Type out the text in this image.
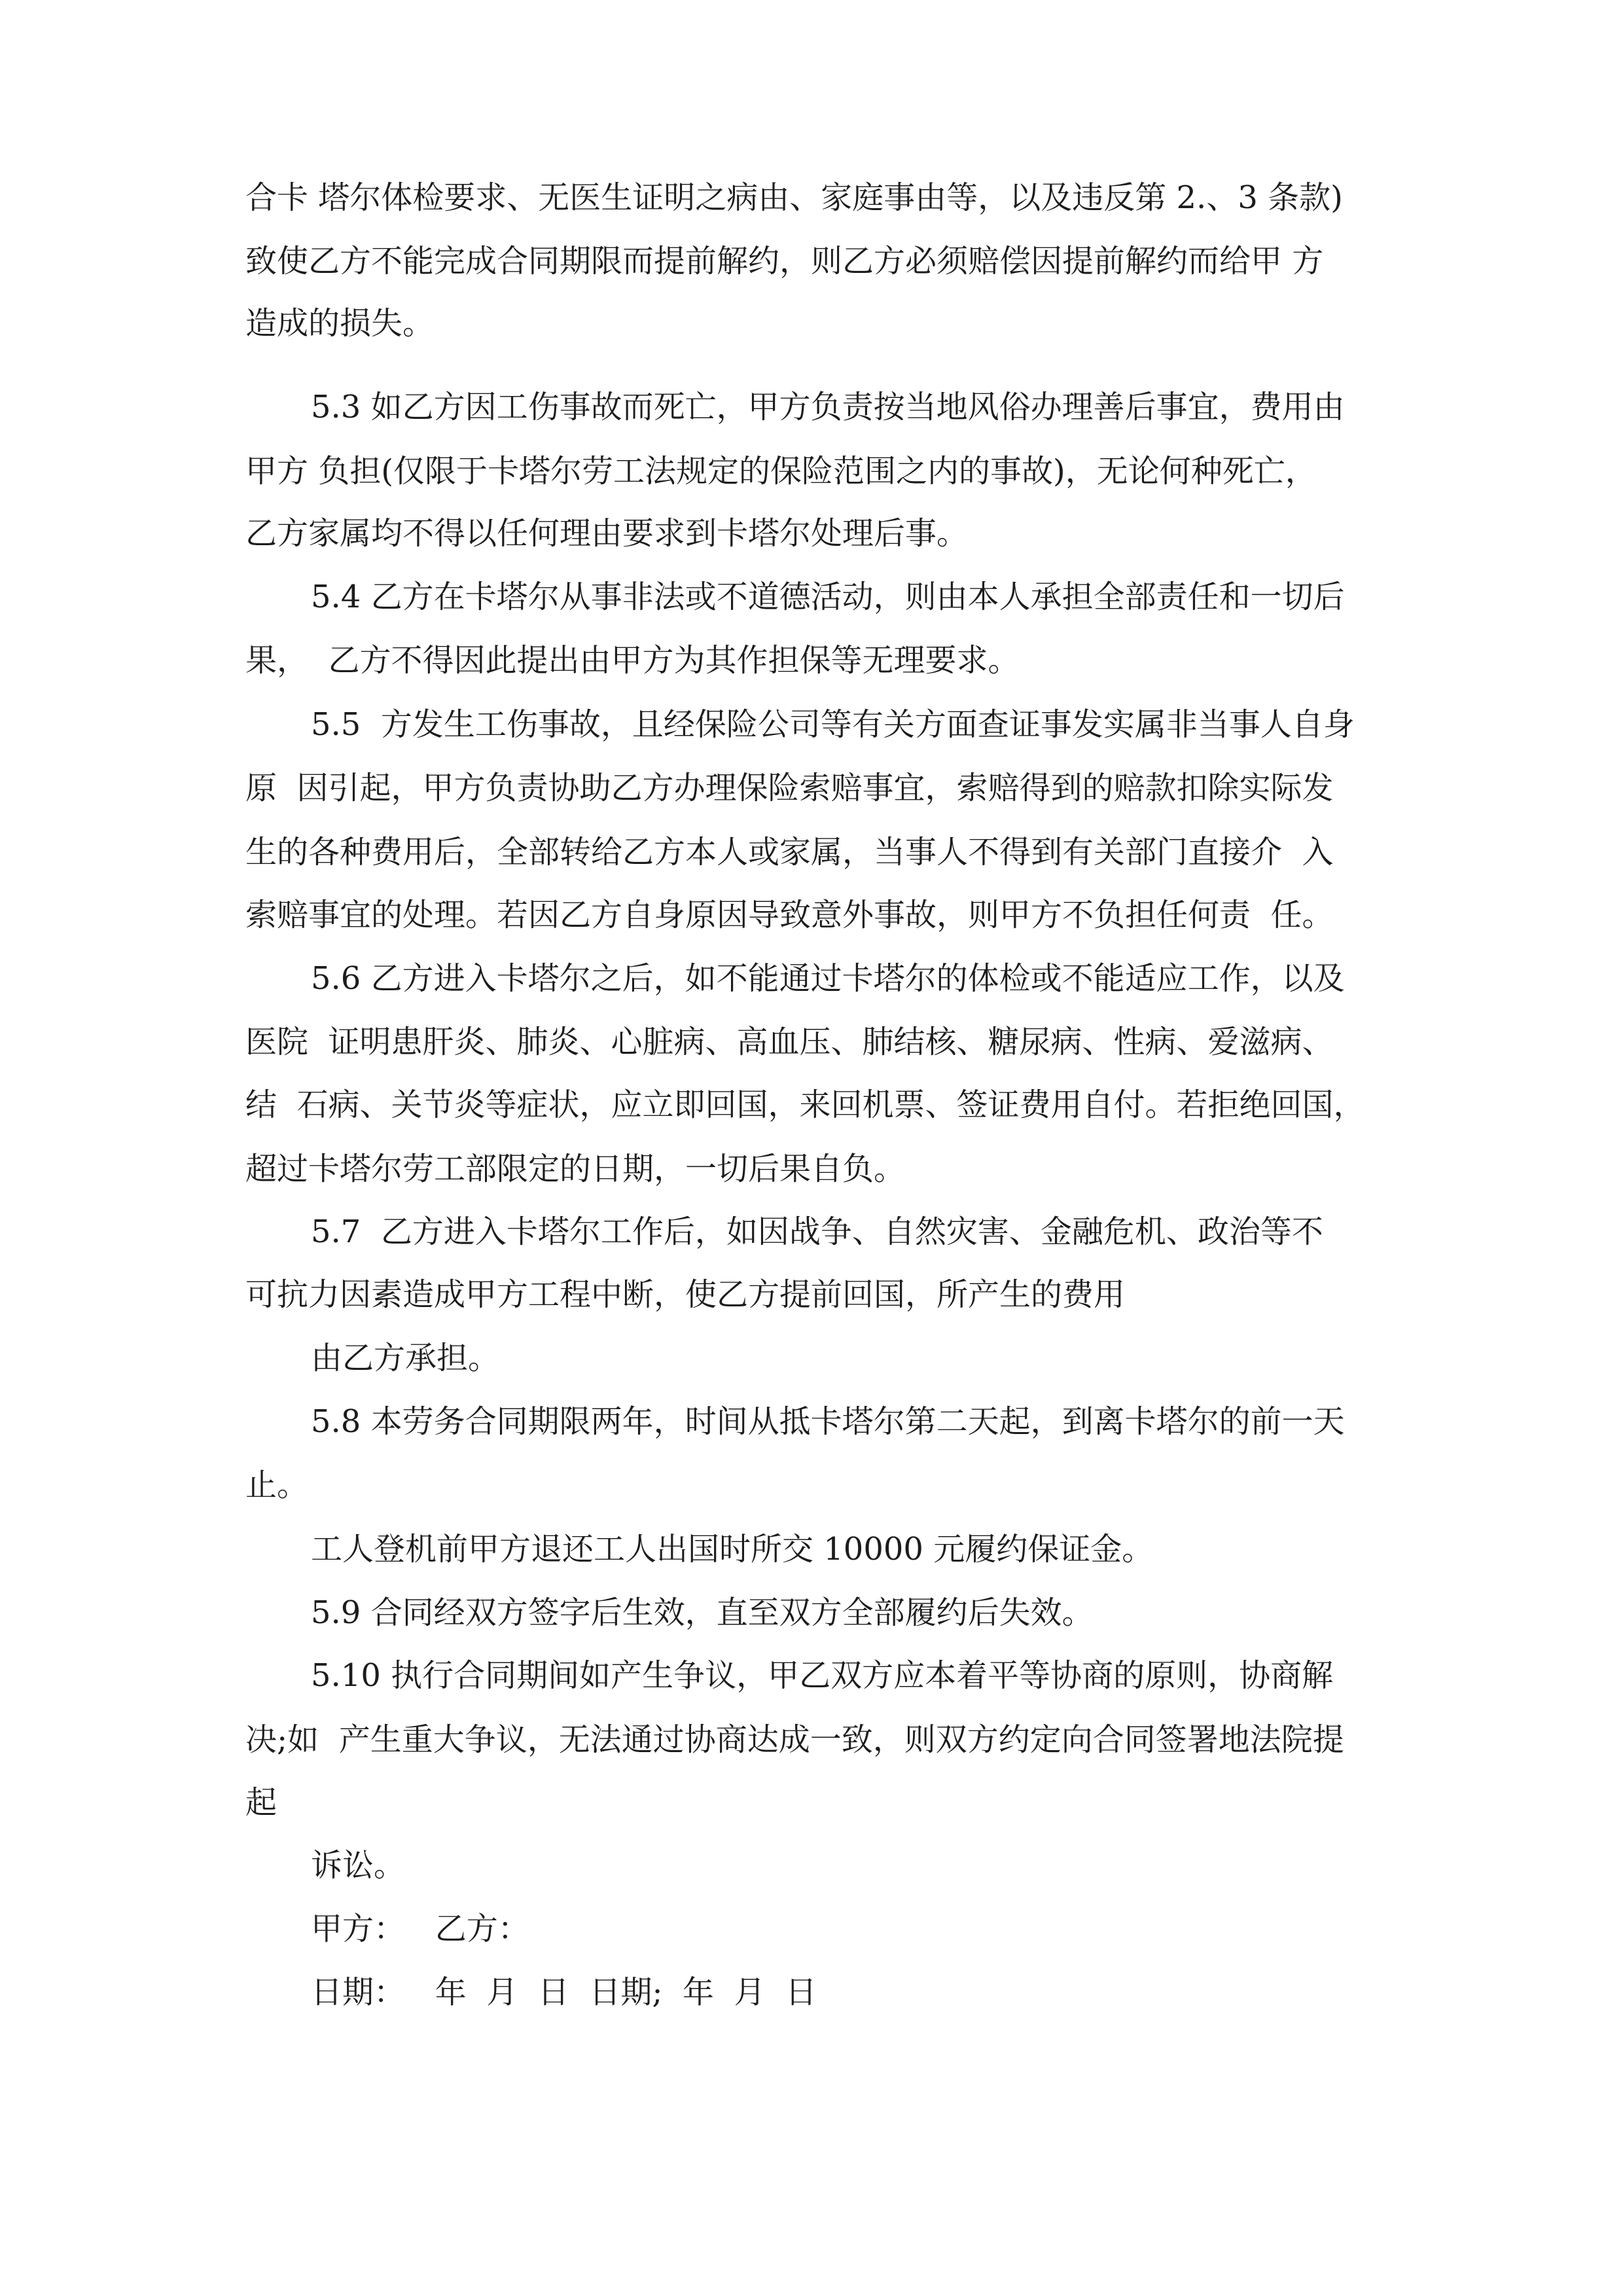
合卡 塔尔体检要求、无医生证明之病由、家庭事由等，以及违反第 2.、3 条款)
致使乙方不能完成合同期限而提前解约，则乙方必须赔偿因提前解约而给甲 方
造成的损失。
5.3 如乙方因工伤事故而死亡，甲方负责按当地风俗办理善后事宜，费用由
甲方 负担(仅限于卡塔尔劳工法规定的保险范围之内的事故)，无论何种死亡，
乙方家属均不得以任何理由要求到卡塔尔处理后事。
5.4 乙方在卡塔尔从事非法或不道德活动，则由本人承担全部责任和一切后
果，  乙方不得因此提出由甲方为其作担保等无理要求。
5.5  方发生工伤事故，且经保险公司等有关方面查证事发实属非当事人自身
原  因引起，甲方负责协助乙方办理保险索赔事宜，索赔得到的赔款扣除实际发
生的各种费用后，全部转给乙方本人或家属，当事人不得到有关部门直接介  入
索赔事宜的处理。若因乙方自身原因导致意外事故，则甲方不负担任何责  任。
5.6 乙方进入卡塔尔之后，如不能通过卡塔尔的体检或不能适应工作，以及
医院  证明患肝炎、肺炎、心脏病、高血压、肺结核、糖尿病、性病、爱滋病、
结  石病、关节炎等症状，应立即回国，来回机票、签证费用自付。若拒绝回国，
超过卡塔尔劳工部限定的日期，一切后果自负。
5.7  乙方进入卡塔尔工作后，如因战争、自然灾害、金融危机、政治等不
可抗力因素造成甲方工程中断，使乙方提前回国，所产生的费用
由乙方承担。
5.8 本劳务合同期限两年，时间从抵卡塔尔第二天起，到离卡塔尔的前一天
止。
工人登机前甲方退还工人出国时所交 10000 元履约保证金。
5.9 合同经双方签字后生效，直至双方全部履约后失效。
5.10 执行合同期间如产生争议，甲乙双方应本着平等协商的原则，协商解
决;如  产生重大争议，无法通过协商达成一致，则双方约定向合同签署地法院提
起
诉讼。
甲方：   乙方：
日期：   年  月  日  日期;  年  月  日
